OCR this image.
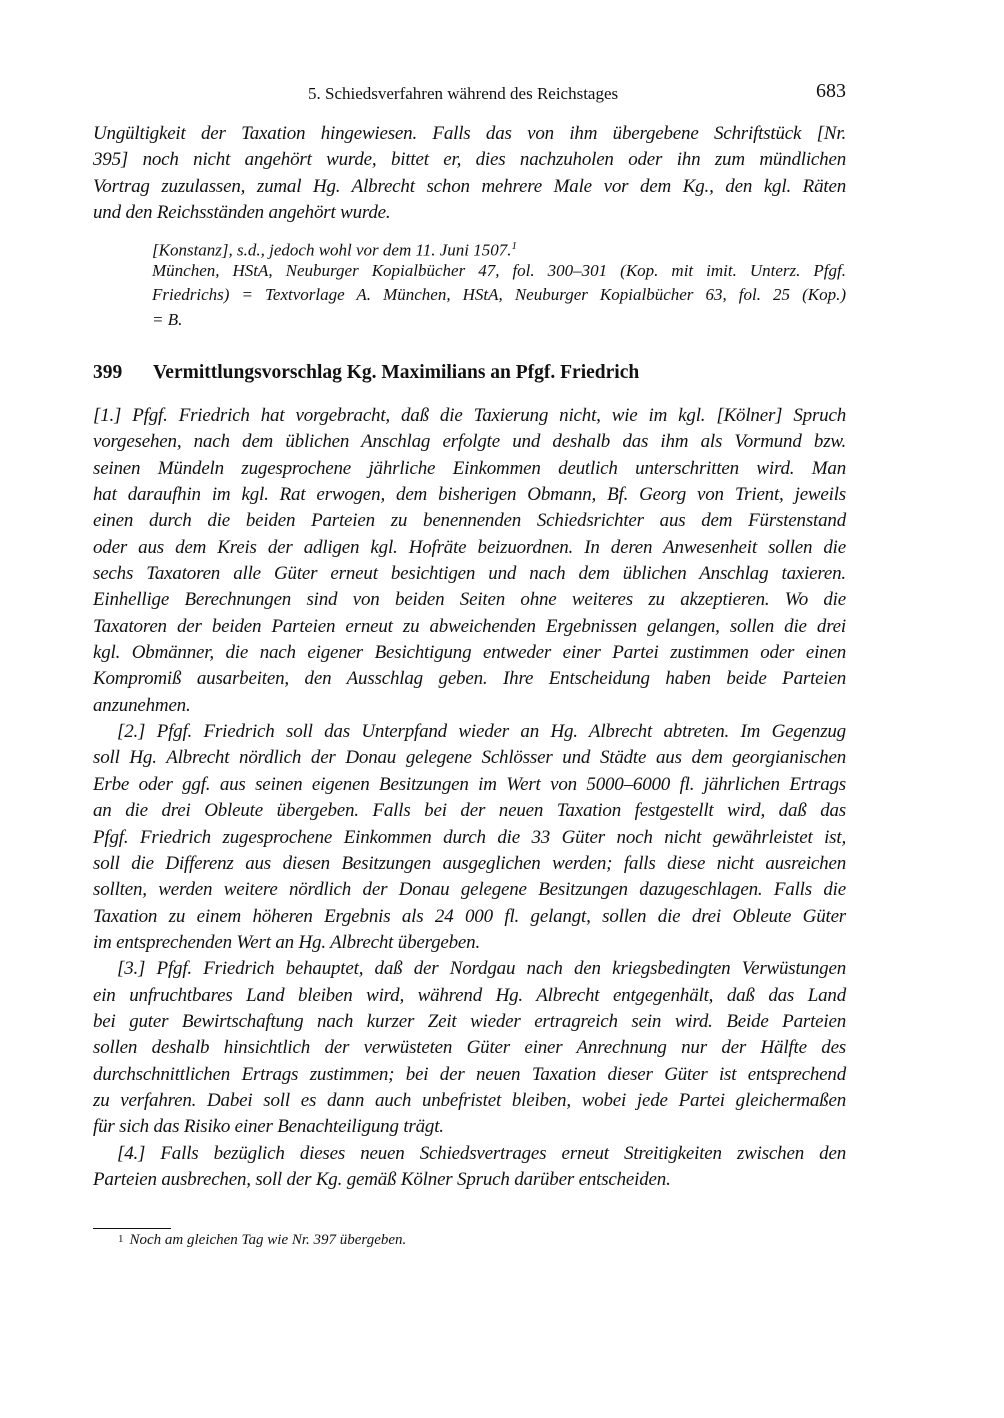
5. Schiedsverfahren während des Reichstages	683
Ungültigkeit der Taxation hingewiesen. Falls das von ihm übergebene Schriftstück [Nr.
395] noch nicht angehört wurde, bittet er, dies nachzuholen oder ihn zum mündlichen
Vortrag zuzulassen, zumal Hg. Albrecht schon mehrere Male vor dem Kg., den kgl. Räten
und den Reichsständen angehört wurde.
[Konstanz], s.d., jedoch wohl vor dem 11. Juni 1507.$^1$
München, HStA, Neuburger Kopialbücher 47, fol. 300–301 (Kop. mit imit. Unterz. Pfgf.
Friedrichs) = Textvorlage A. München, HStA, Neuburger Kopialbücher 63, fol. 25 (Kop.)
= B.
399 Vermittlungsvorschlag Kg. Maximilians an Pfgf. Friedrich
[1.] Pfgf. Friedrich hat vorgebracht, daß die Taxierung nicht, wie im kgl. [Kölner] Spruch
vorgesehen, nach dem üblichen Anschlag erfolgte und deshalb das ihm als Vormund bzw.
seinen Mündeln zugesprochene jährliche Einkommen deutlich unterschritten wird. Man
hat daraufhin im kgl. Rat erwogen, dem bisherigen Obmann, Bf. Georg von Trient, jeweils
einen durch die beiden Parteien zu benennenden Schiedsrichter aus dem Fürstenstand
oder aus dem Kreis der adligen kgl. Hofräte beizuordnen. In deren Anwesenheit sollen die
sechs Taxatoren alle Güter erneut besichtigen und nach dem üblichen Anschlag taxieren.
Einhellige Berechnungen sind von beiden Seiten ohne weiteres zu akzeptieren. Wo die
Taxatoren der beiden Parteien erneut zu abweichenden Ergebnissen gelangen, sollen die drei
kgl. Obmänner, die nach eigener Besichtigung entweder einer Partei zustimmen oder einen
Kompromiß ausarbeiten, den Ausschlag geben. Ihre Entscheidung haben beide Parteien
anzunehmen.
[2.] Pfgf. Friedrich soll das Unterpfand wieder an Hg. Albrecht abtreten. Im Gegenzug
soll Hg. Albrecht nördlich der Donau gelegene Schlösser und Städte aus dem georgianischen
Erbe oder ggf. aus seinen eigenen Besitzungen im Wert von 5000–6000 fl. jährlichen Ertrags
an die drei Obleute übergeben. Falls bei der neuen Taxation festgestellt wird, daß das
Pfgf. Friedrich zugesprochene Einkommen durch die 33 Güter noch nicht gewährleistet ist,
soll die Differenz aus diesen Besitzungen ausgeglichen werden; falls diese nicht ausreichen
sollten, werden weitere nördlich der Donau gelegene Besitzungen dazugeschlagen. Falls die
Taxation zu einem höheren Ergebnis als 24 000 fl. gelangt, sollen die drei Obleute Güter
im entsprechenden Wert an Hg. Albrecht übergeben.
[3.] Pfgf. Friedrich behauptet, daß der Nordgau nach den kriegsbedingten Verwüstungen
ein unfruchtbares Land bleiben wird, während Hg. Albrecht entgegenhält, daß das Land
bei guter Bewirtschaftung nach kurzer Zeit wieder ertragreich sein wird. Beide Parteien
sollen deshalb hinsichtlich der verwüsteten Güter einer Anrechnung nur der Hälfte des
durchschnittlichen Ertrags zustimmen; bei der neuen Taxation dieser Güter ist entsprechend
zu verfahren. Dabei soll es dann auch unbefristet bleiben, wobei jede Partei gleichermaßen
für sich das Risiko einer Benachteiligung trägt.
[4.] Falls bezüglich dieses neuen Schiedsvertrages erneut Streitigkeiten zwischen den
Parteien ausbrechen, soll der Kg. gemäß Kölner Spruch darüber entscheiden.
1 Noch am gleichen Tag wie Nr. 397 übergeben.
